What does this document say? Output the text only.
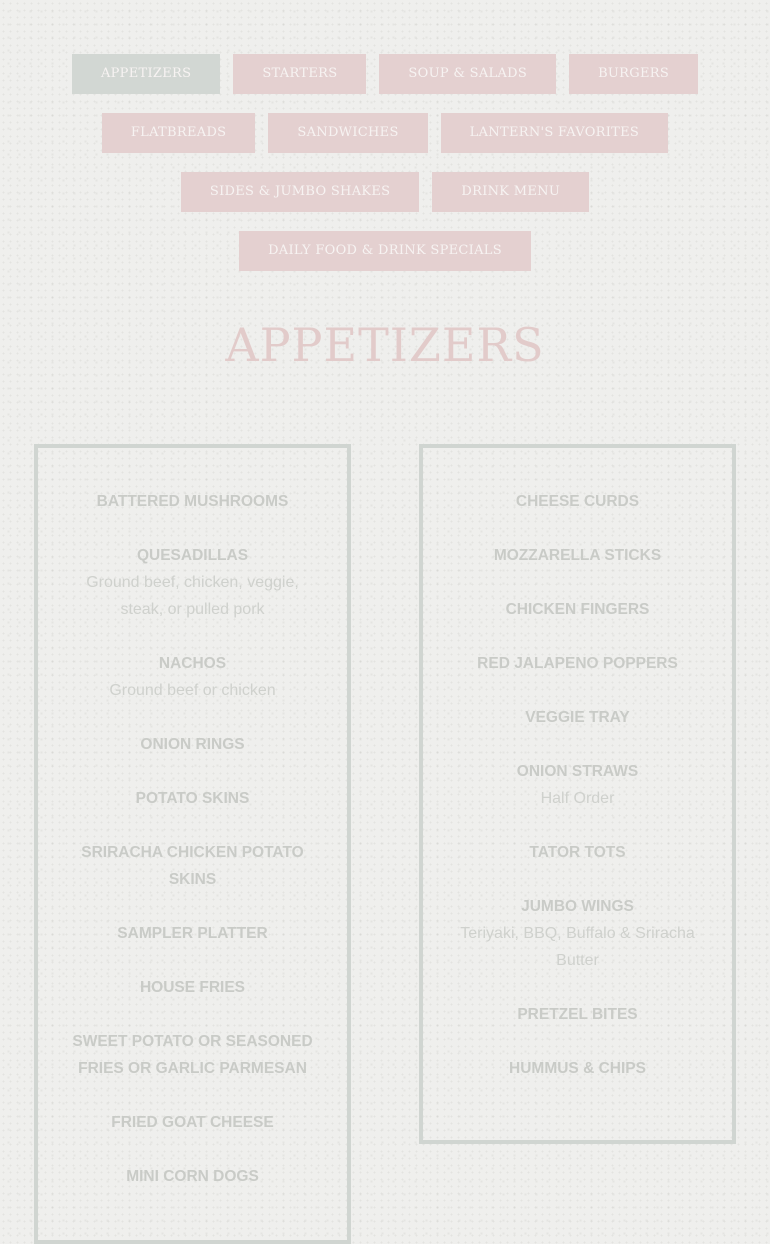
APPETIZERS	STARTERS	SOUP & SALADS	BURGERS
FLATBREADS	SANDWICHES	LANTERN'S FAVORITES
SIDES & JUMBO SHAKES	DRINK MENU
DAILY FOOD & DRINK SPECIALS
APPETIZERS
BATTERED MUSHROOMS
QUESADILLAS
Ground beef, chicken, veggie, steak, or pulled pork
NACHOS
Ground beef or chicken
ONION RINGS
POTATO SKINS
SRIRACHA CHICKEN POTATO SKINS
SAMPLER PLATTER
HOUSE FRIES
SWEET POTATO OR SEASONED FRIES OR GARLIC PARMESAN
FRIED GOAT CHEESE
MINI CORN DOGS
CHEESE CURDS
MOZZARELLA STICKS
CHICKEN FINGERS
RED JALAPENO POPPERS
VEGGIE TRAY
ONION STRAWS
Half Order
TATOR TOTS
JUMBO WINGS
Teriyaki, BBQ, Buffalo & Sriracha Butter
PRETZEL BITES
HUMMUS & CHIPS
